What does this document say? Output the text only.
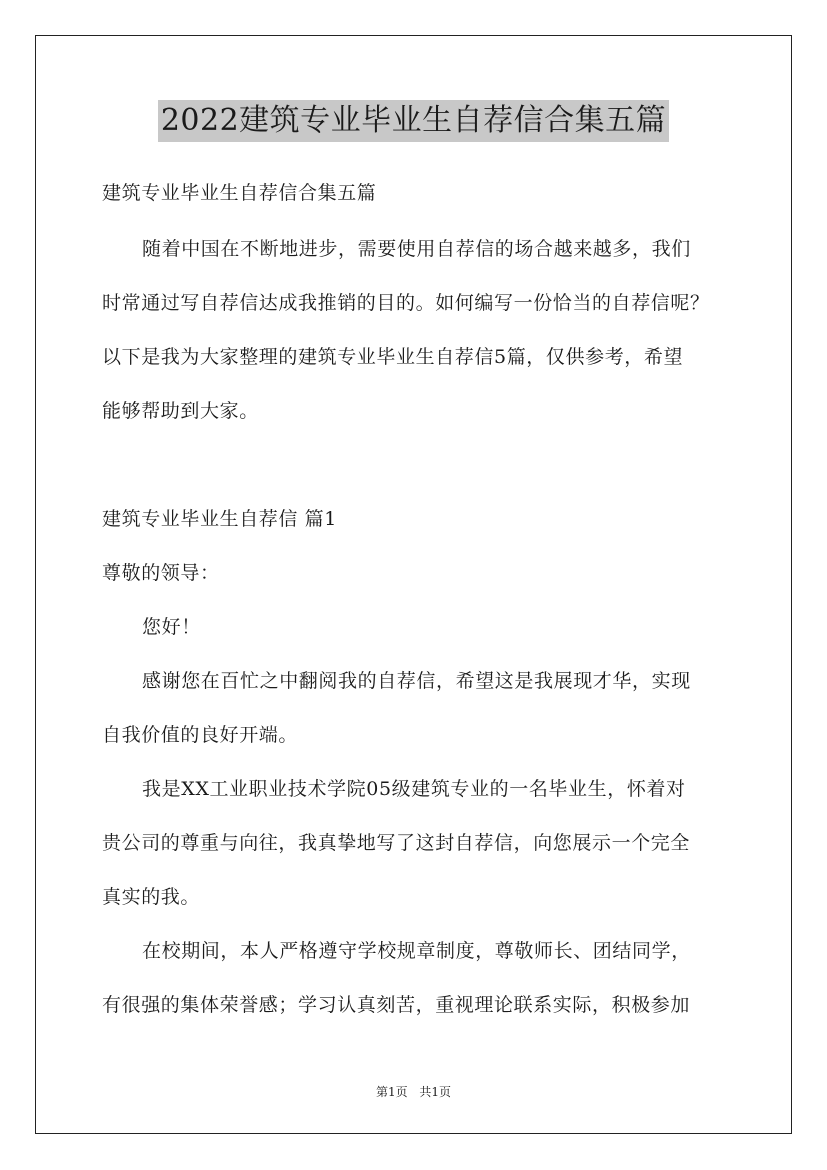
2022建筑专业毕业生自荐信合集五篇
建筑专业毕业生自荐信合集五篇
随着中国在不断地进步，需要使用自荐信的场合越来越多，我们
时常通过写自荐信达成我推销的目的。如何编写一份恰当的自荐信呢？
以下是我为大家整理的建筑专业毕业生自荐信5篇，仅供参考，希望
能够帮助到大家。
建筑专业毕业生自荐信 篇1
尊敬的领导：
您好！
感谢您在百忙之中翻阅我的自荐信，希望这是我展现才华，实现
自我价值的良好开端。
我是XX工业职业技术学院05级建筑专业的一名毕业生，怀着对
贵公司的尊重与向往，我真挚地写了这封自荐信，向您展示一个完全
真实的我。
在校期间，本人严格遵守学校规章制度，尊敬师长、团结同学，
有很强的集体荣誉感；学习认真刻苦，重视理论联系实际，积极参加
第1页 共1页
